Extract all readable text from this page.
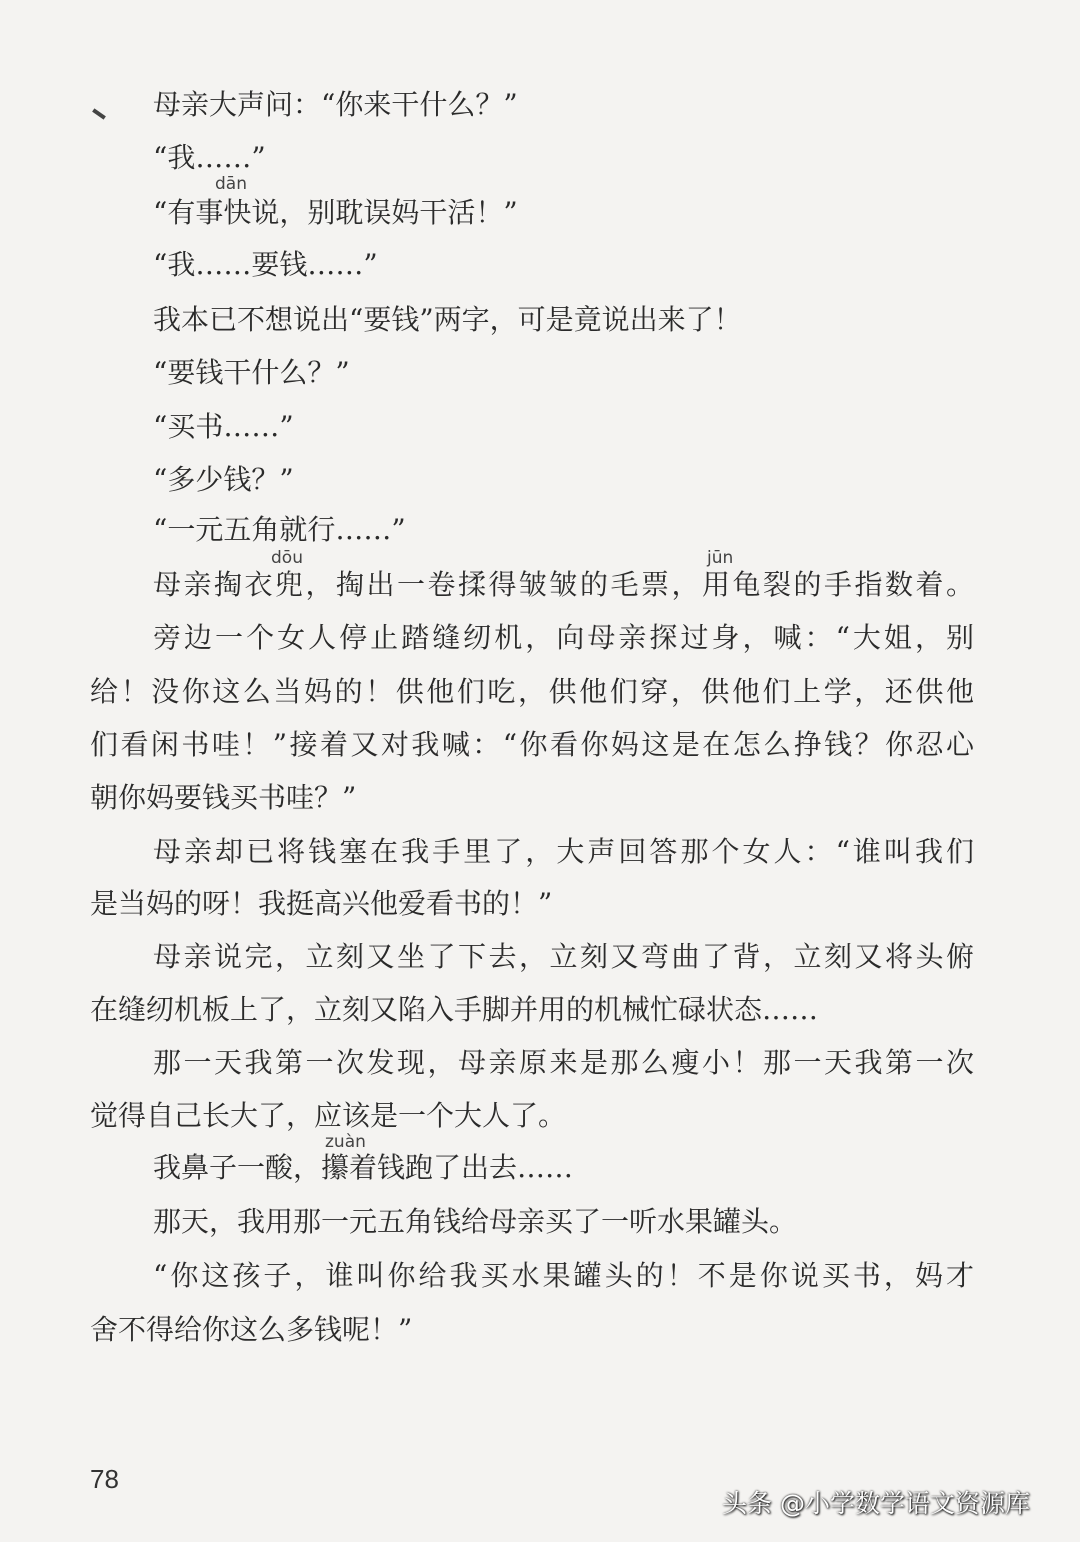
母亲大声问：“你来干什么？”
“我……”
dān
“有事快说，别耽误妈干活！”
“我……要钱……”
我本已不想说出“要钱”两字，可是竟说出来了！
“要钱干什么？”
“买书……”
“多少钱？”
“一元五角就行……”
dōu	jūn
母亲掏衣兜，掏出一卷揉得皱皱的毛票，用龟裂的手指数着。
旁边一个女人停止踏缝纫机，向母亲探过身，喊：“大姐，别
给！没你这么当妈的！供他们吃，供他们穿，供他们上学，还供他
们看闲书哇！”接着又对我喊：“你看你妈这是在怎么挣钱？你忍心
朝你妈要钱买书哇？”
母亲却已将钱塞在我手里了，大声回答那个女人：“谁叫我们
是当妈的呀！我挺高兴他爱看书的！”
母亲说完，立刻又坐了下去，立刻又弯曲了背，立刻又将头俯
在缝纫机板上了，立刻又陷入手脚并用的机械忙碌状态……
那一天我第一次发现，母亲原来是那么瘦小！那一天我第一次
觉得自己长大了，应该是一个大人了。
zuàn
我鼻子一酸，攥着钱跑了出去……
那天，我用那一元五角钱给母亲买了一听水果罐头。
“你这孩子，谁叫你给我买水果罐头的！不是你说买书，妈才
舍不得给你这么多钱呢！”
78
头条 @小学数学语文资源库
